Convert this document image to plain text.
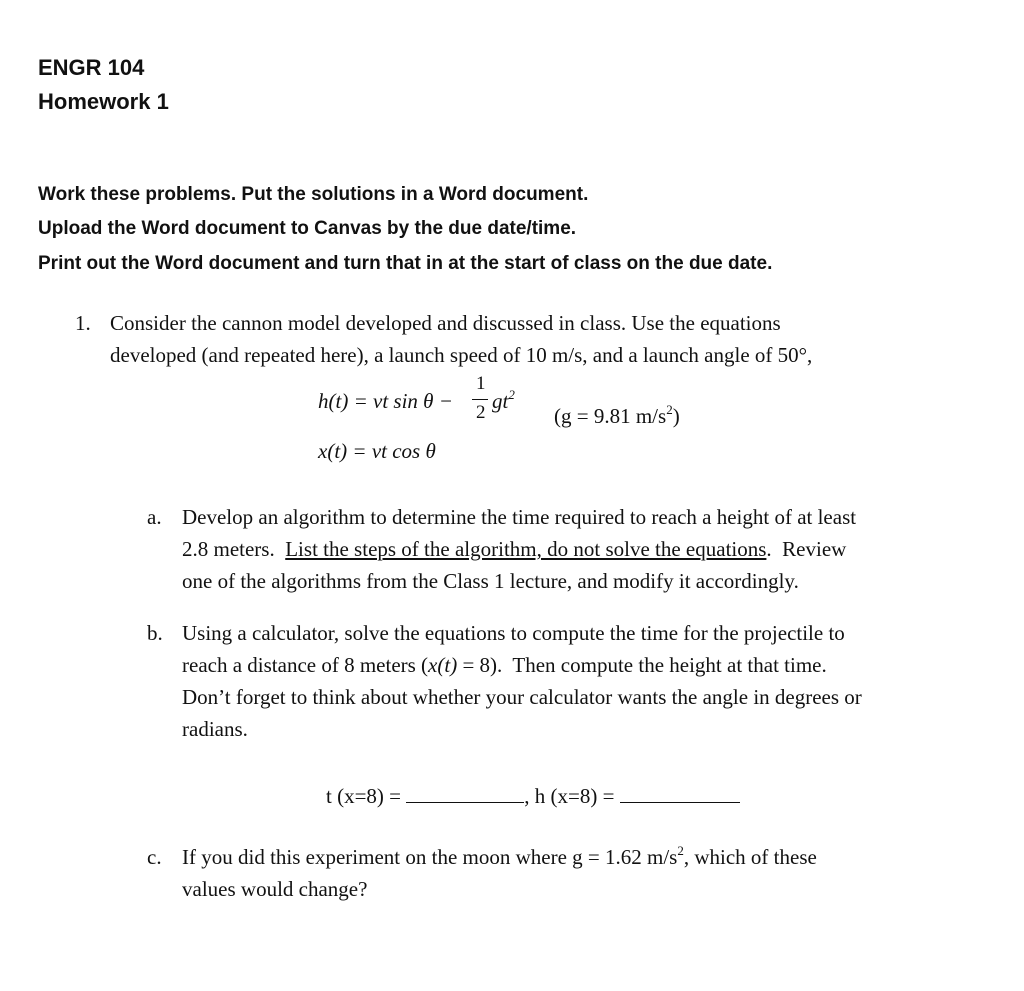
ENGR 104
Homework 1
Work these problems. Put the solutions in a Word document.
Upload the Word document to Canvas by the due date/time.
Print out the Word document and turn that in at the start of class on the due date.
1. Consider the cannon model developed and discussed in class. Use the equations
developed (and repeated here), a launch speed of 10 m/s, and a launch angle of 50°,
h(t) = vt sin θ −
1
2 $gt^2$
(g = 9.81 $m/s^2$)
x(t) = vt cos θ
a. Develop an algorithm to determine the time required to reach a height of at least
2.8 meters.  List the steps of the algorithm, do not solve the equations.  Review
one of the algorithms from the Class 1 lecture, and modify it accordingly.
b. Using a calculator, solve the equations to compute the time for the projectile to
reach a distance of 8 meters (x(t) = 8).  Then compute the height at that time.
Don’t forget to think about whether your calculator wants the angle in degrees or
radians.
t (x=8) =	, h (x=8) =
c. If you did this experiment on the moon where g = 1.62 $m/s^2$, which of these
values would change?
